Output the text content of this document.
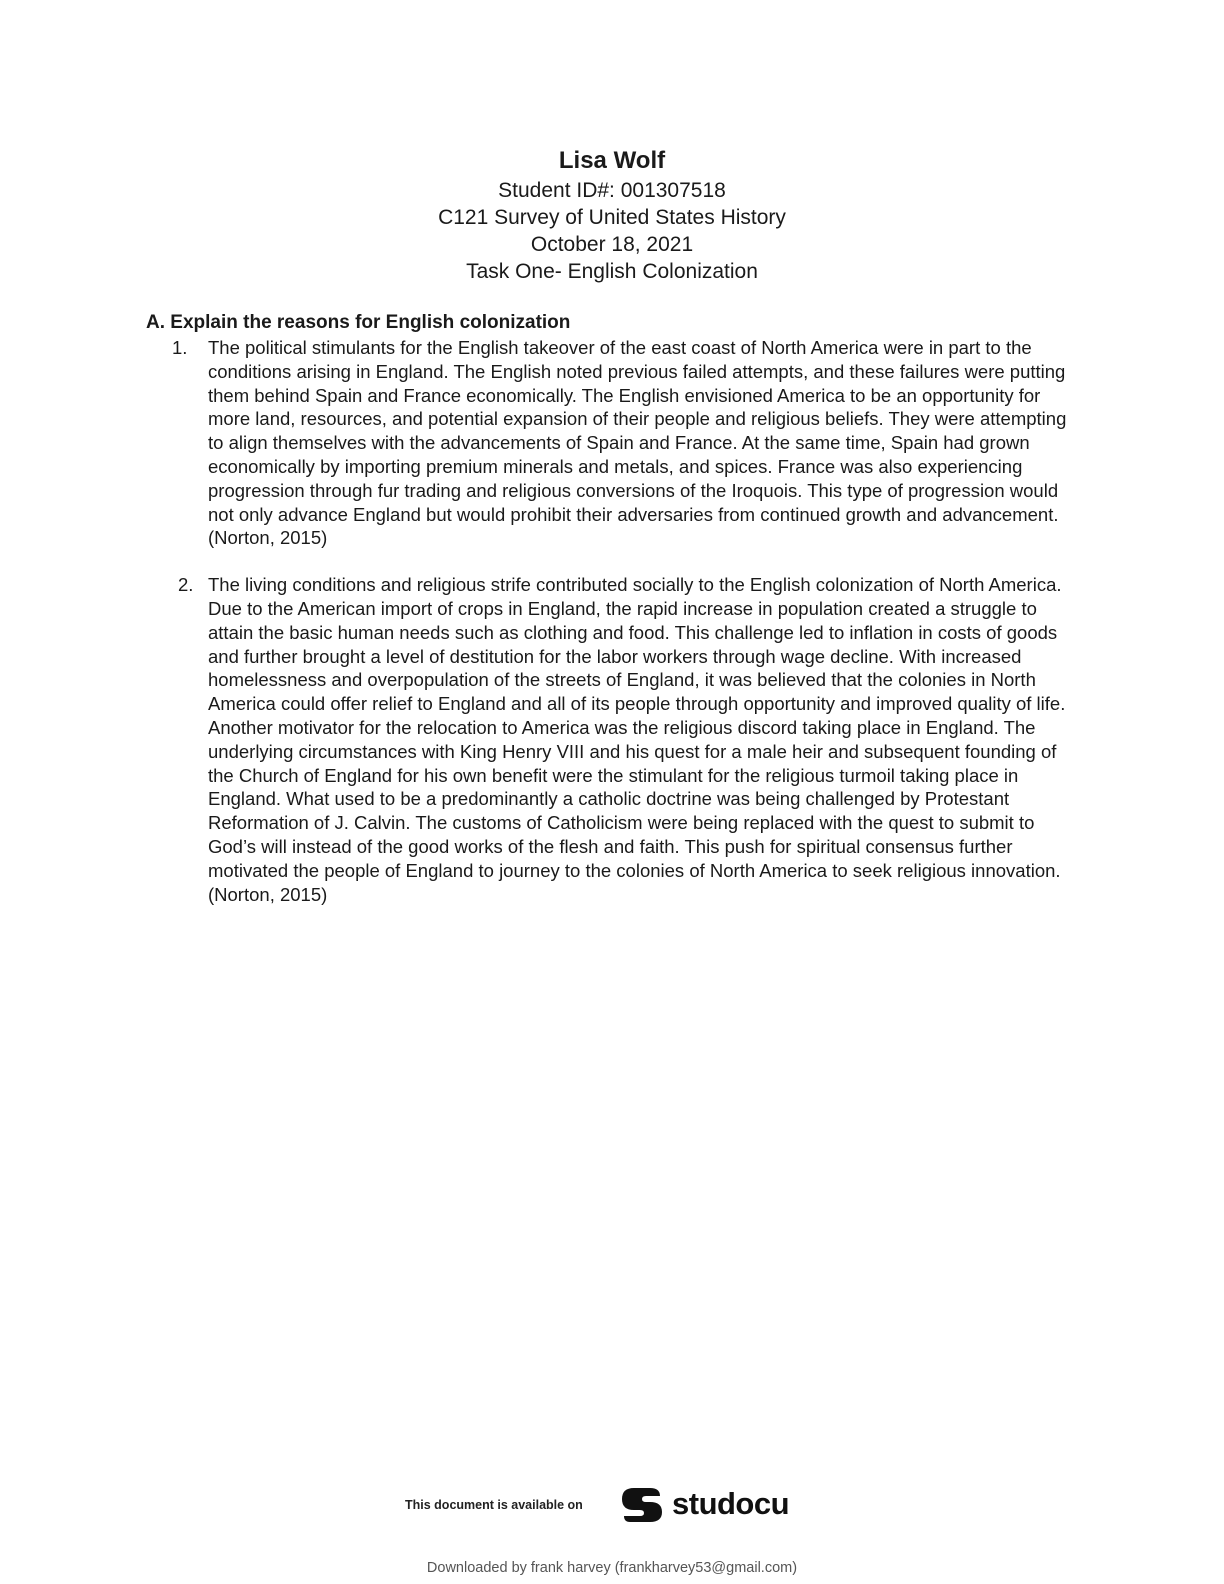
Lisa Wolf
Student ID#: 001307518
C121 Survey of United States History
October 18, 2021
Task One- English Colonization
A. Explain the reasons for English colonization
1. The political stimulants for the English takeover of the east coast of North America were in part to the conditions arising in England. The English noted previous failed attempts, and these failures were putting them behind Spain and France economically. The English envisioned America to be an opportunity for more land, resources, and potential expansion of their people and religious beliefs. They were attempting to align themselves with the advancements of Spain and France. At the same time, Spain had grown economically by importing premium minerals and metals, and spices. France was also experiencing progression through fur trading and religious conversions of the Iroquois. This type of progression would not only advance England but would prohibit their adversaries from continued growth and advancement. (Norton, 2015)

2. The living conditions and religious strife contributed socially to the English colonization of North America. Due to the American import of crops in England, the rapid increase in population created a struggle to attain the basic human needs such as clothing and food. This challenge led to inflation in costs of goods and further brought a level of destitution for the labor workers through wage decline. With increased homelessness and overpopulation of the streets of England, it was believed that the colonies in North America could offer relief to England and all of its people through opportunity and improved quality of life. Another motivator for the relocation to America was the religious discord taking place in England. The underlying circumstances with King Henry VIII and his quest for a male heir and subsequent founding of the Church of England for his own benefit were the stimulant for the religious turmoil taking place in England. What used to be a predominantly a catholic doctrine was being challenged by Protestant Reformation of J. Calvin. The customs of Catholicism were being replaced with the quest to submit to God’s will instead of the good works of the flesh and faith. This push for spiritual consensus further motivated the people of England to journey to the colonies of North America to seek religious innovation. (Norton, 2015)

This document is available on	studocu
Downloaded by frank harvey (frankharvey53@gmail.com)
